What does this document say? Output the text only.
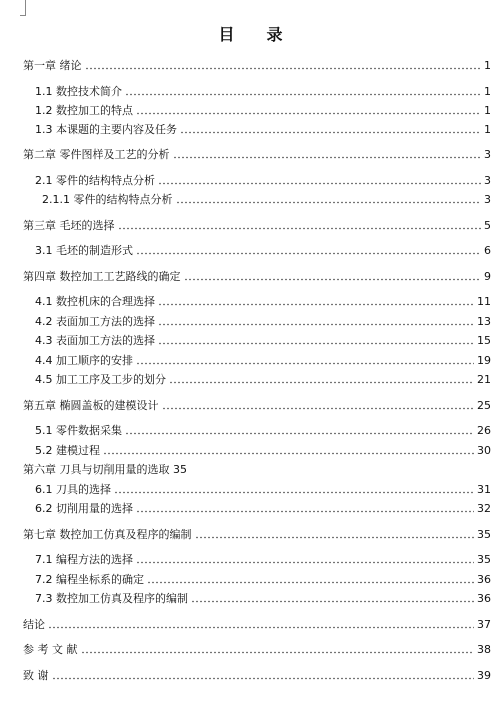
目 录
第一章 绪论	1
1.1 数控技术简介	1
1.2 数控加工的特点	1
1.3 本课题的主要内容及任务	1
第二章 零件图样及工艺的分析	3
2.1 零件的结构特点分析	3
2.1.1 零件的结构特点分析	3
第三章 毛坯的选择	5
3.1 毛坯的制造形式	6
第四章 数控加工工艺路线的确定	9
4.1 数控机床的合理选择	11
4.2 表面加工方法的选择	13
4.3 表面加工方法的选择	15
4.4 加工顺序的安排	19
4.5 加工工序及工步的划分	21
第五章 椭圆盖板的建模设计	25
5.1 零件数据采集	26
5.2 建模过程	30
第六章 刀具与切削用量的选取 35
6.1 刀具的选择	31
6.2 切削用量的选择	32
第七章 数控加工仿真及程序的编制	35
7.1 编程方法的选择	35
7.2 编程坐标系的确定	36
7.3 数控加工仿真及程序的编制	36
结论	37
参 考 文 献	38
致 谢	39
